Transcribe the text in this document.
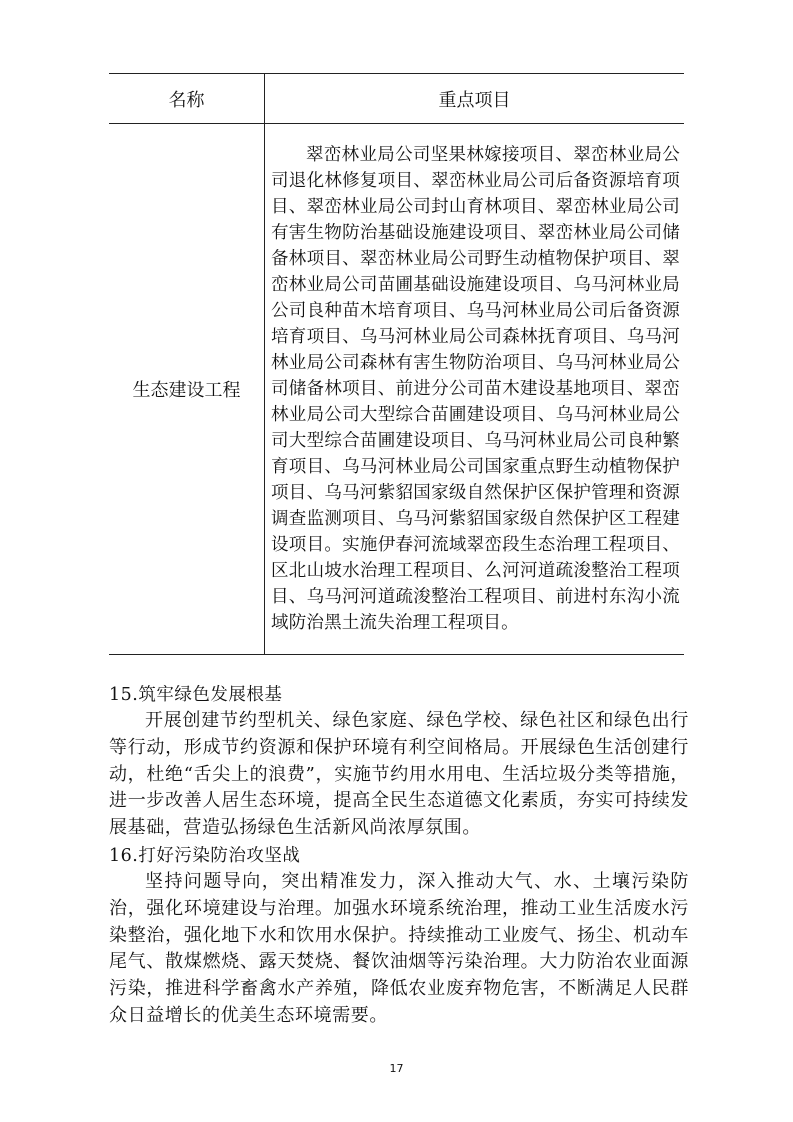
名称	重点项目
生态建设工程	翠峦林业局公司坚果林嫁接项目、翠峦林业局公司退化林修复项目、翠峦林业局公司后备资源培育项目、翠峦林业局公司封山育林项目、翠峦林业局公司有害生物防治基础设施建设项目、翠峦林业局公司储备林项目、翠峦林业局公司野生动植物保护项目、翠峦林业局公司苗圃基础设施建设项目、乌马河林业局公司良种苗木培育项目、乌马河林业局公司后备资源培育项目、乌马河林业局公司森林抚育项目、乌马河林业局公司森林有害生物防治项目、乌马河林业局公司储备林项目、前进分公司苗木建设基地项目、翠峦林业局公司大型综合苗圃建设项目、乌马河林业局公司大型综合苗圃建设项目、乌马河林业局公司良种繁育项目、乌马河林业局公司国家重点野生动植物保护项目、乌马河紫貂国家级自然保护区保护管理和资源调查监测项目、乌马河紫貂国家级自然保护区工程建设项目。实施伊春河流域翠峦段生态治理工程项目、区北山坡水治理工程项目、么河河道疏浚整治工程项目、乌马河河道疏浚整治工程项目、前进村东沟小流域防治黑土流失治理工程项目。
15.筑牢绿色发展根基

开展创建节约型机关、绿色家庭、绿色学校、绿色社区和绿色出行等行动，形成节约资源和保护环境有利空间格局。开展绿色生活创建行动，杜绝“舌尖上的浪费”，实施节约用水用电、生活垃圾分类等措施，进一步改善人居生态环境，提高全民生态道德文化素质，夯实可持续发展基础，营造弘扬绿色生活新风尚浓厚氛围。

16.打好污染防治攻坚战

坚持问题导向，突出精准发力，深入推动大气、水、土壤污染防治，强化环境建设与治理。加强水环境系统治理，推动工业生活废水污染整治，强化地下水和饮用水保护。持续推动工业废气、扬尘、机动车尾气、散煤燃烧、露天焚烧、餐饮油烟等污染治理。大力防治农业面源污染，推进科学畜禽水产养殖，降低农业废弃物危害，不断满足人民群众日益增长的优美生态环境需要。

17
